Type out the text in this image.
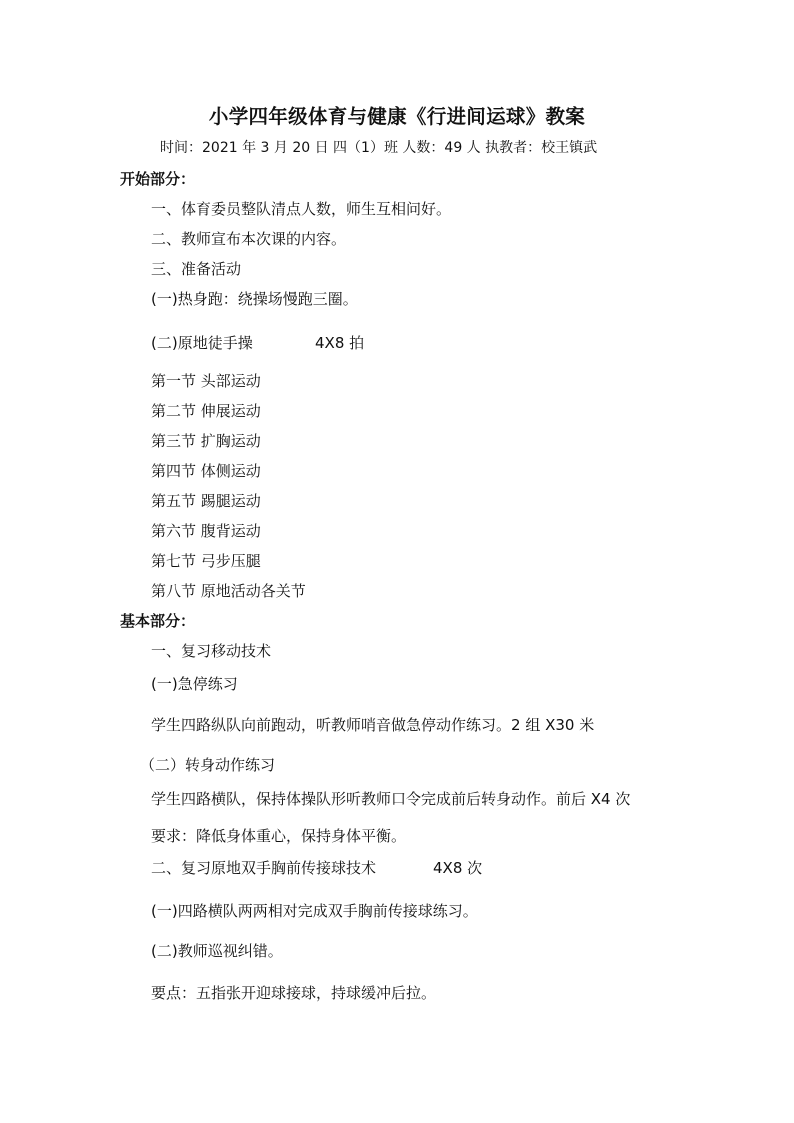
小学四年级体育与健康《行进间运球》教案
时间：2021 年 3 月 20 日 四（1）班 人数：49 人 执教者：校王镇武
开始部分：
一、体育委员整队清点人数，师生互相问好。
二、教师宣布本次课的内容。
三、准备活动
(一)热身跑：绕操场慢跑三圈。
(二)原地徒手操	4X8 拍
第一节 头部运动
第二节 伸展运动
第三节 扩胸运动
第四节 体侧运动
第五节 踢腿运动
第六节 腹背运动
第七节 弓步压腿
第八节 原地活动各关节
基本部分：
一、复习移动技术
(一)急停练习
学生四路纵队向前跑动，听教师哨音做急停动作练习。2 组 X30 米
（二）转身动作练习
学生四路横队，保持体操队形听教师口令完成前后转身动作。前后 X4 次
要求：降低身体重心，保持身体平衡。
二、复习原地双手胸前传接球技术	4X8 次
(一)四路横队两两相对完成双手胸前传接球练习。
(二)教师巡视纠错。
要点：五指张开迎球接球，持球缓冲后拉。
